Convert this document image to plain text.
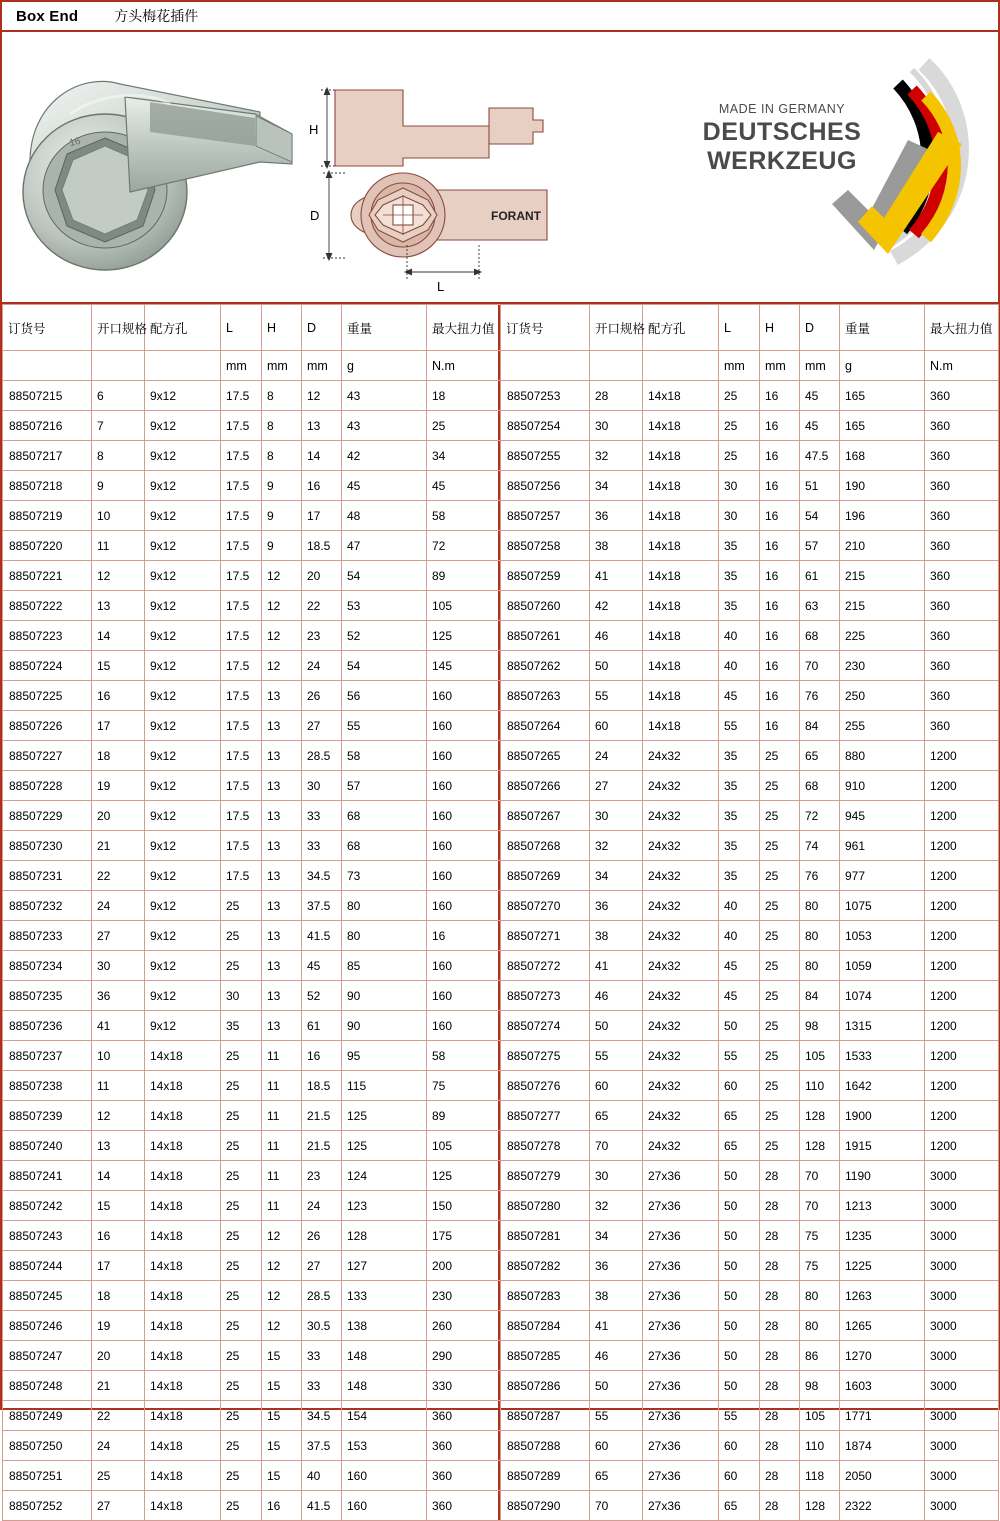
Box End	方头梅花插件
16
H
FORANT
D
L
MADE IN GERMANY
DEUTSCHES
WERKZEUG
订货号	开口规格	配方孔	L	H	D	重量	最大扭力值
			mm	mm	mm	g	N.m
88507215	6	9x12	17.5	8	12	43	18
88507216	7	9x12	17.5	8	13	43	25
88507217	8	9x12	17.5	8	14	42	34
88507218	9	9x12	17.5	9	16	45	45
88507219	10	9x12	17.5	9	17	48	58
88507220	11	9x12	17.5	9	18.5	47	72
88507221	12	9x12	17.5	12	20	54	89
88507222	13	9x12	17.5	12	22	53	105
88507223	14	9x12	17.5	12	23	52	125
88507224	15	9x12	17.5	12	24	54	145
88507225	16	9x12	17.5	13	26	56	160
88507226	17	9x12	17.5	13	27	55	160
88507227	18	9x12	17.5	13	28.5	58	160
88507228	19	9x12	17.5	13	30	57	160
88507229	20	9x12	17.5	13	33	68	160
88507230	21	9x12	17.5	13	33	68	160
88507231	22	9x12	17.5	13	34.5	73	160
88507232	24	9x12	25	13	37.5	80	160
88507233	27	9x12	25	13	41.5	80	16
88507234	30	9x12	25	13	45	85	160
88507235	36	9x12	30	13	52	90	160
88507236	41	9x12	35	13	61	90	160
88507237	10	14x18	25	11	16	95	58
88507238	11	14x18	25	11	18.5	115	75
88507239	12	14x18	25	11	21.5	125	89
88507240	13	14x18	25	11	21.5	125	105
88507241	14	14x18	25	11	23	124	125
88507242	15	14x18	25	11	24	123	150
88507243	16	14x18	25	12	26	128	175
88507244	17	14x18	25	12	27	127	200
88507245	18	14x18	25	12	28.5	133	230
88507246	19	14x18	25	12	30.5	138	260
88507247	20	14x18	25	15	33	148	290
88507248	21	14x18	25	15	33	148	330
88507249	22	14x18	25	15	34.5	154	360
88507250	24	14x18	25	15	37.5	153	360
88507251	25	14x18	25	15	40	160	360
88507252	27	14x18	25	16	41.5	160	360
订货号	开口规格	配方孔	L	H	D	重量	最大扭力值
			mm	mm	mm	g	N.m
88507253	28	14x18	25	16	45	165	360
88507254	30	14x18	25	16	45	165	360
88507255	32	14x18	25	16	47.5	168	360
88507256	34	14x18	30	16	51	190	360
88507257	36	14x18	30	16	54	196	360
88507258	38	14x18	35	16	57	210	360
88507259	41	14x18	35	16	61	215	360
88507260	42	14x18	35	16	63	215	360
88507261	46	14x18	40	16	68	225	360
88507262	50	14x18	40	16	70	230	360
88507263	55	14x18	45	16	76	250	360
88507264	60	14x18	55	16	84	255	360
88507265	24	24x32	35	25	65	880	1200
88507266	27	24x32	35	25	68	910	1200
88507267	30	24x32	35	25	72	945	1200
88507268	32	24x32	35	25	74	961	1200
88507269	34	24x32	35	25	76	977	1200
88507270	36	24x32	40	25	80	1075	1200
88507271	38	24x32	40	25	80	1053	1200
88507272	41	24x32	45	25	80	1059	1200
88507273	46	24x32	45	25	84	1074	1200
88507274	50	24x32	50	25	98	1315	1200
88507275	55	24x32	55	25	105	1533	1200
88507276	60	24x32	60	25	110	1642	1200
88507277	65	24x32	65	25	128	1900	1200
88507278	70	24x32	65	25	128	1915	1200
88507279	30	27x36	50	28	70	1190	3000
88507280	32	27x36	50	28	70	1213	3000
88507281	34	27x36	50	28	75	1235	3000
88507282	36	27x36	50	28	75	1225	3000
88507283	38	27x36	50	28	80	1263	3000
88507284	41	27x36	50	28	80	1265	3000
88507285	46	27x36	50	28	86	1270	3000
88507286	50	27x36	50	28	98	1603	3000
88507287	55	27x36	55	28	105	1771	3000
88507288	60	27x36	60	28	110	1874	3000
88507289	65	27x36	60	28	118	2050	3000
88507290	70	27x36	65	28	128	2322	3000
